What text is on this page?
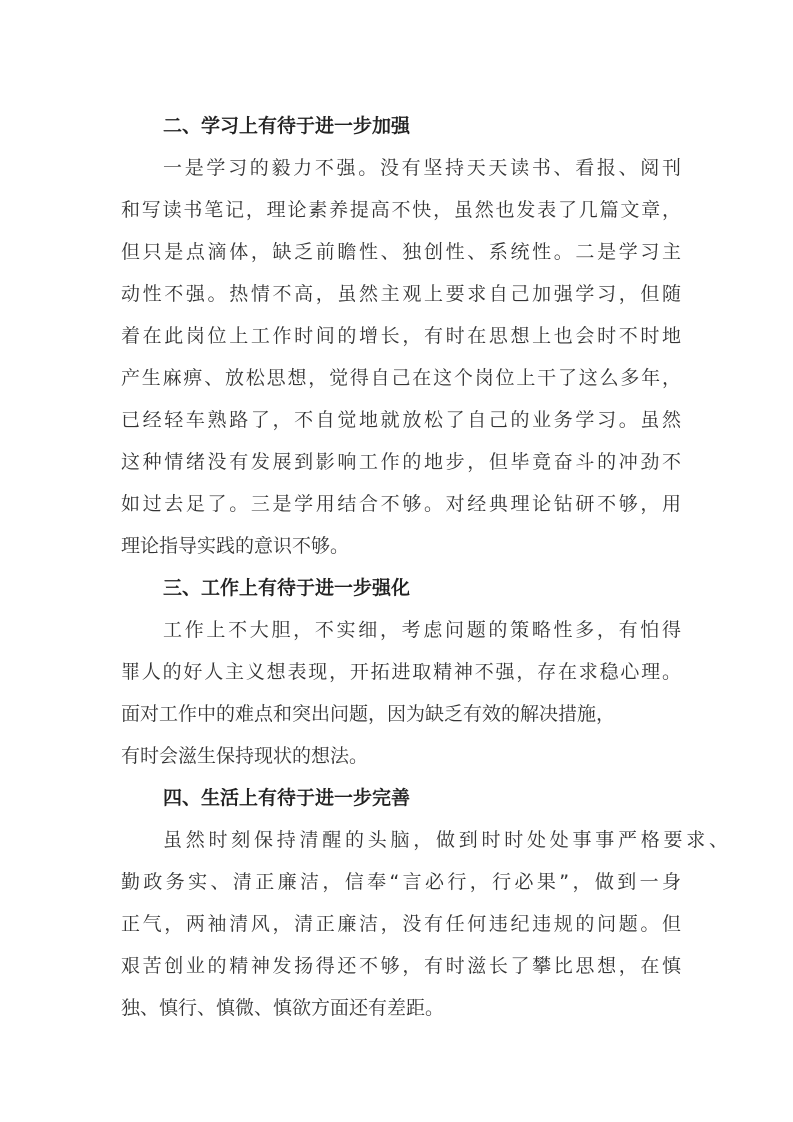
二、学习上有待于进一步加强
一是学习的毅力不强。没有坚持天天读书、看报、阅刊
和写读书笔记，理论素养提高不快，虽然也发表了几篇文章，
但只是点滴体，缺乏前瞻性、独创性、系统性。二是学习主
动性不强。热情不高，虽然主观上要求自己加强学习，但随
着在此岗位上工作时间的增长，有时在思想上也会时不时地
产生麻痹、放松思想，觉得自己在这个岗位上干了这么多年，
已经轻车熟路了，不自觉地就放松了自己的业务学习。虽然
这种情绪没有发展到影响工作的地步，但毕竟奋斗的冲劲不
如过去足了。三是学用结合不够。对经典理论钻研不够，用
理论指导实践的意识不够。
三、工作上有待于进一步强化
工作上不大胆，不实细，考虑问题的策略性多，有怕得
罪人的好人主义想表现，开拓进取精神不强，存在求稳心理。
面对工作中的难点和突出问题，因为缺乏有效的解决措施，
有时会滋生保持现状的想法。
四、生活上有待于进一步完善
虽然时刻保持清醒的头脑，做到时时处处事事严格要求、
勤政务实、清正廉洁，信奉“言必行，行必果”，做到一身
正气，两袖清风，清正廉洁，没有任何违纪违规的问题。但
艰苦创业的精神发扬得还不够，有时滋长了攀比思想，在慎
独、慎行、慎微、慎欲方面还有差距。
